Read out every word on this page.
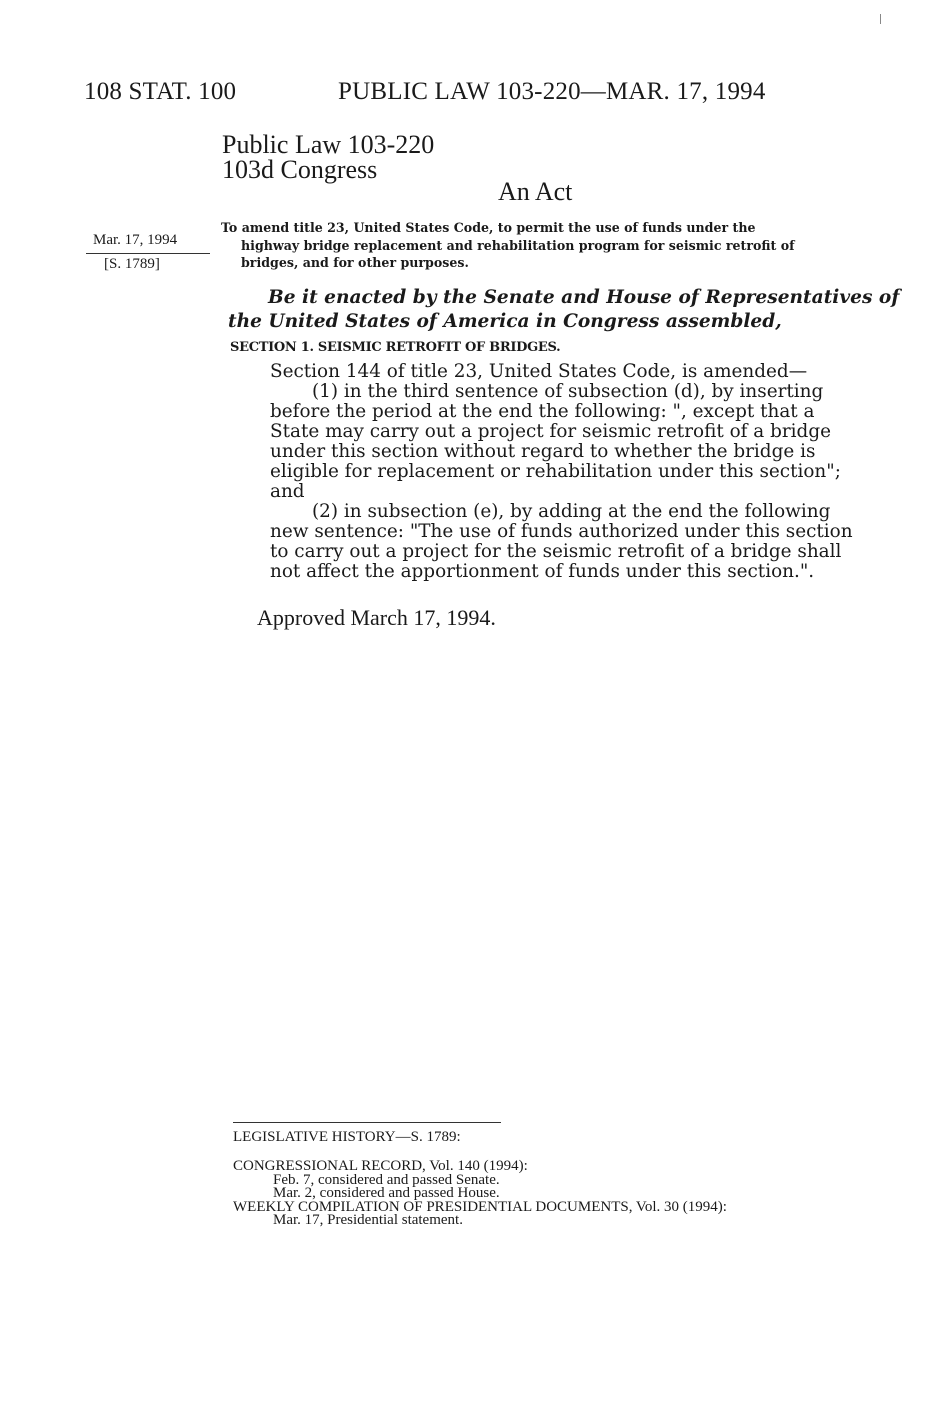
108 STAT. 100	PUBLIC LAW 103-220—MAR. 17, 1994
Public Law 103-220
103d Congress
An Act
Mar. 17, 1994
[S. 1789]
To amend title 23, United States Code, to permit the use of funds under the
highway bridge replacement and rehabilitation program for seismic retrofit of
bridges, and for other purposes.
Be it enacted by the Senate and House of Representatives of
the United States of America in Congress assembled,
SECTION 1. SEISMIC RETROFIT OF BRIDGES.
Section 144 of title 23, United States Code, is amended—
(1) in the third sentence of subsection (d), by inserting
before the period at the end the following: ", except that a
State may carry out a project for seismic retrofit of a bridge
under this section without regard to whether the bridge is
eligible for replacement or rehabilitation under this section";
and
(2) in subsection (e), by adding at the end the following
new sentence: "The use of funds authorized under this section
to carry out a project for the seismic retrofit of a bridge shall
not affect the apportionment of funds under this section.".
Approved March 17, 1994.
LEGISLATIVE HISTORY—S. 1789:
CONGRESSIONAL RECORD, Vol. 140 (1994):
Feb. 7, considered and passed Senate.
Mar. 2, considered and passed House.
WEEKLY COMPILATION OF PRESIDENTIAL DOCUMENTS, Vol. 30 (1994):
Mar. 17, Presidential statement.
